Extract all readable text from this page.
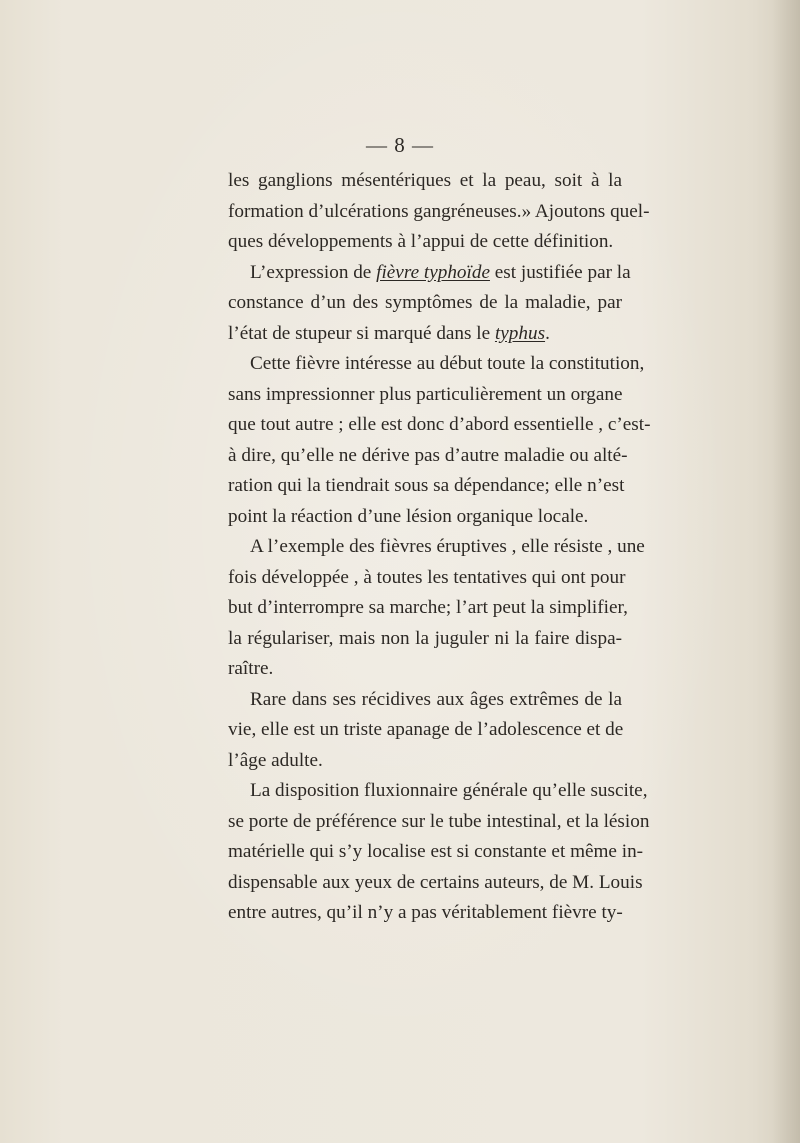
— 8 —
les ganglions mésentériques et la peau, soit à la
formation d’ulcérations gangréneuses.» Ajoutons quel-
ques développements à l’appui de cette définition.
L’expression de fièvre typhoïde est justifiée par la
constance d’un des symptômes de la maladie, par
l’état de stupeur si marqué dans le typhus.
Cette fièvre intéresse au début toute la constitution,
sans impressionner plus particulièrement un organe
que tout autre ; elle est donc d’abord essentielle , c’est-
à dire, qu’elle ne dérive pas d’autre maladie ou alté-
ration qui la tiendrait sous sa dépendance; elle n’est
point la réaction d’une lésion organique locale.
A l’exemple des fièvres éruptives , elle résiste , une
fois développée , à toutes les tentatives qui ont pour
but d’interrompre sa marche; l’art peut la simplifier,
la régulariser, mais non la juguler ni la faire dispa-
raître.
Rare dans ses récidives aux âges extrêmes de la
vie, elle est un triste apanage de l’adolescence et de
l’âge adulte.
La disposition fluxionnaire générale qu’elle suscite,
se porte de préférence sur le tube intestinal, et la lésion
matérielle qui s’y localise est si constante et même in-
dispensable aux yeux de certains auteurs, de M. Louis
entre autres, qu’il n’y a pas véritablement fièvre ty-
